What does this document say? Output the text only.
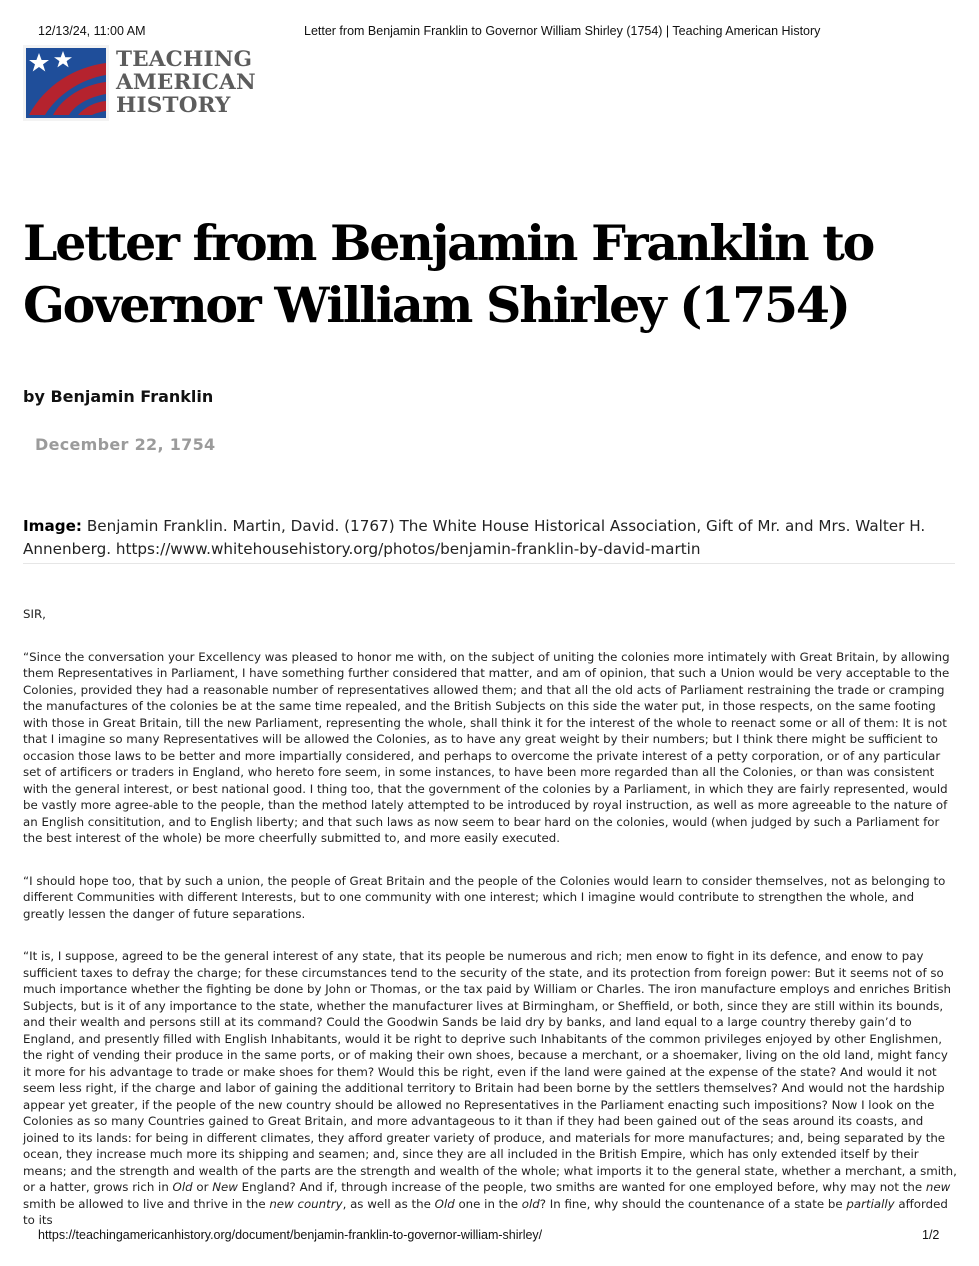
12/13/24, 11:00 AM	Letter from Benjamin Franklin to Governor William Shirley (1754) | Teaching American History
TEACHING
AMERICAN
HISTORY
Letter from Benjamin Franklin to
Governor William Shirley (1754)
by Benjamin Franklin
December 22, 1754
Image: Benjamin Franklin. Martin, David. (1767) The White House Historical Association, Gift of Mr. and Mrs. Walter H. Annenberg. https://www.whitehousehistory.org/photos/benjamin-franklin-by-david-martin

SIR,

“Since the conversation your Excellency was pleased to honor me with, on the subject of uniting the colonies more intimately with Great Britain, by allowing them Representatives in Parliament, I have something further considered that matter, and am of opinion, that such a Union would be very acceptable to the Colonies, provided they had a reasonable number of representatives allowed them; and that all the old acts of Parliament restraining the trade or cramping the manufactures of the colonies be at the same time repealed, and the British Subjects on this side the water put, in those respects, on the same footing with those in Great Britain, till the new Parliament, representing the whole, shall think it for the interest of the whole to reenact some or all of them: It is not that I imagine so many Representatives will be allowed the Colonies, as to have any great weight by their numbers; but I think there might be sufficient to occasion those laws to be better and more impartially considered, and perhaps to overcome the private interest of a petty corporation, or of any particular set of artificers or traders in England, who hereto fore seem, in some instances, to have been more regarded than all the Colonies, or than was consistent with the general interest, or best national good. I thing too, that the government of the colonies by a Parliament, in which they are fairly represented, would be vastly more agree-able to the people, than the method lately attempted to be introduced by royal instruction, as well as more agreeable to the nature of an English consititution, and to English liberty; and that such laws as now seem to bear hard on the colonies, would (when judged by such a Parliament for the best interest of the whole) be more cheerfully submitted to, and more easily executed.

“I should hope too, that by such a union, the people of Great Britain and the people of the Colonies would learn to consider themselves, not as belonging to different Communities with different Interests, but to one community with one interest; which I imagine would contribute to strengthen the whole, and greatly lessen the danger of future separations.

“It is, I suppose, agreed to be the general interest of any state, that its people be numerous and rich; men enow to fight in its defence, and enow to pay sufficient taxes to defray the charge; for these circumstances tend to the security of the state, and its protection from foreign power: But it seems not of so much importance whether the fighting be done by John or Thomas, or the tax paid by William or Charles. The iron manufacture employs and enriches British Subjects, but is it of any importance to the state, whether the manufacturer lives at Birmingham, or Sheffield, or both, since they are still within its bounds, and their wealth and persons still at its command? Could the Goodwin Sands be laid dry by banks, and land equal to a large country thereby gain’d to England, and presently filled with English Inhabitants, would it be right to deprive such Inhabitants of the common privileges enjoyed by other Englishmen, the right of vending their produce in the same ports, or of making their own shoes, because a merchant, or a shoemaker, living on the old land, might fancy it more for his advantage to trade or make shoes for them? Would this be right, even if the land were gained at the expense of the state? And would it not seem less right, if the charge and labor of gaining the additional territory to Britain had been borne by the settlers themselves? And would not the hardship appear yet greater, if the people of the new country should be allowed no Representatives in the Parliament enacting such impositions? Now I look on the Colonies as so many Countries gained to Great Britain, and more advantageous to it than if they had been gained out of the seas around its coasts, and joined to its lands: for being in different climates, they afford greater variety of produce, and materials for more manufactures; and, being separated by the ocean, they increase much more its shipping and seamen; and, since they are all included in the British Empire, which has only extended itself by their means; and the strength and wealth of the parts are the strength and wealth of the whole; what imports it to the general state, whether a merchant, a smith, or a hatter, grows rich in Old or New England? And if, through increase of the people, two smiths are wanted for one employed before, why may not the new smith be allowed to live and thrive in the new country, as well as the Old one in the old? In fine, why should the countenance of a state be partially afforded to its

https://teachingamericanhistory.org/document/benjamin-franklin-to-governor-william-shirley/	1/2
